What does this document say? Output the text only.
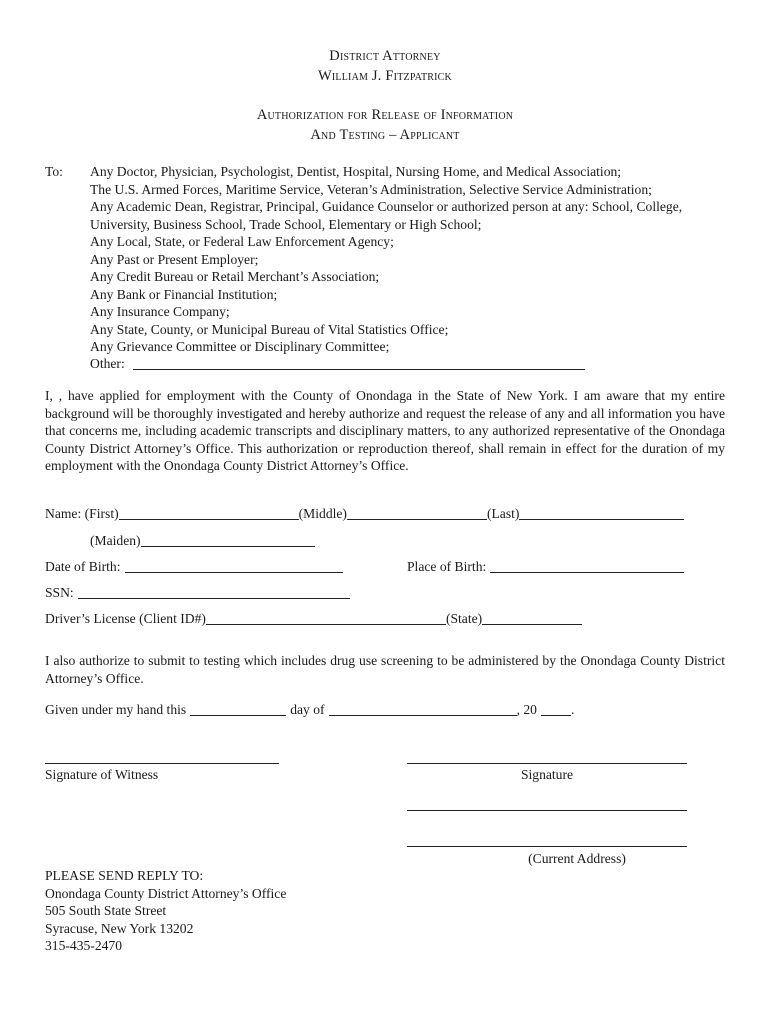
District Attorney
William J. Fitzpatrick
Authorization for Release of Information
And Testing – Applicant
To: Any Doctor, Physician, Psychologist, Dentist, Hospital, Nursing Home, and Medical Association;
The U.S. Armed Forces, Maritime Service, Veteran’s Administration, Selective Service Administration;
Any Academic Dean, Registrar, Principal, Guidance Counselor or authorized person at any: School, College,
University, Business School, Trade School, Elementary or High School;
Any Local, State, or Federal Law Enforcement Agency;
Any Past or Present Employer;
Any Credit Bureau or Retail Merchant’s Association;
Any Bank or Financial Institution;
Any Insurance Company;
Any State, County, or Municipal Bureau of Vital Statistics Office;
Any Grievance Committee or Disciplinary Committee;
Other:
I, , have applied for employment with the County of Onondaga in the State of New York. I am aware that my entire background will be thoroughly investigated and hereby authorize and request the release of any and all information you have that concerns me, including academic transcripts and disciplinary matters, to any authorized representative of the Onondaga County District Attorney’s Office. This authorization or reproduction thereof, shall remain in effect for the duration of my employment with the Onondaga County District Attorney’s Office.
Name: (First)	(Middle)	(Last)
(Maiden)
Date of Birth:	Place of Birth:
SSN:
Driver’s License (Client ID#)	(State)
I also authorize to submit to testing which includes drug use screening to be administered by the Onondaga County District Attorney’s Office.
Given under my hand this	day of	, 20	.
Signature of Witness	Signature
(Current Address)
PLEASE SEND REPLY TO:
Onondaga County District Attorney’s Office
505 South State Street
Syracuse, New York 13202
315-435-2470
